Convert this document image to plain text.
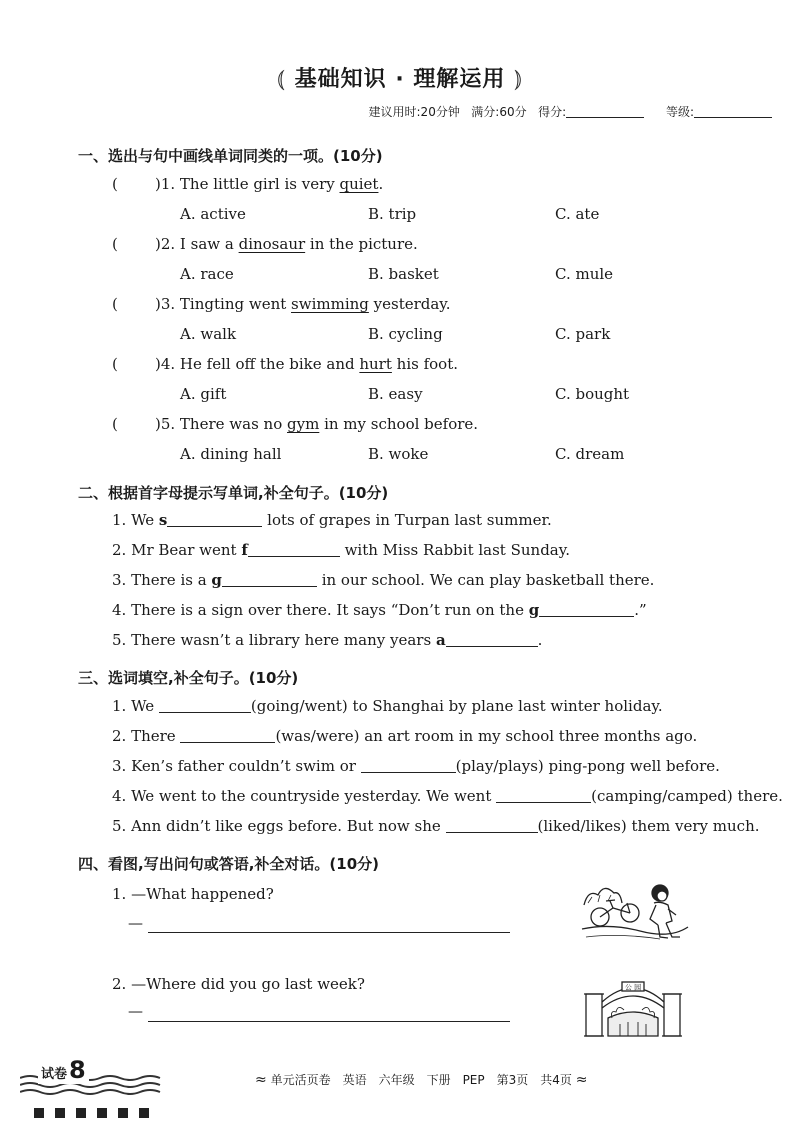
⦅ 基础知识 · 理解运用 ⦆
建议用时:20分钟 满分:60分 得分:	等级:
一、选出与句中画线单词同类的一项。(10分)
( )1. The little girl is very quiet.
A. active	B. trip	C. ate
( )2. I saw a dinosaur in the picture.
A. race	B. basket	C. mule
( )3. Tingting went swimming yesterday.
A. walk	B. cycling	C. park
( )4. He fell off the bike and hurt his foot.
A. gift	B. easy	C. bought
( )5. There was no gym in my school before.
A. dining hall	B. woke	C. dream
二、根据首字母提示写单词,补全句子。(10分)
1. We s	lots of grapes in Turpan last summer.
2. Mr Bear went f	with Miss Rabbit last Sunday.
3. There is a g	in our school. We can play basketball there.
4. There is a sign over there. It says “Don’t run on the g	.”
5. There wasn’t a library here many years a	.
三、选词填空,补全句子。(10分)
1. We	(going/went) to Shanghai by plane last winter holiday.
2. There	(was/were) an art room in my school three months ago.
3. Ken’s father couldn’t swim or	(play/plays) ping-pong well before.
4. We went to the countryside yesterday. We went	(camping/camped) there.
5. Ann didn’t like eggs before. But now she	(liked/likes) them very much.
四、看图,写出问句或答语,补全对话。(10分)
1. —What happened?
—
2. —Where did you go last week?
—
公 园
试卷8	≈ 单元活页卷　英语　六年级　下册　PEP　第3页　共4页 ≈
